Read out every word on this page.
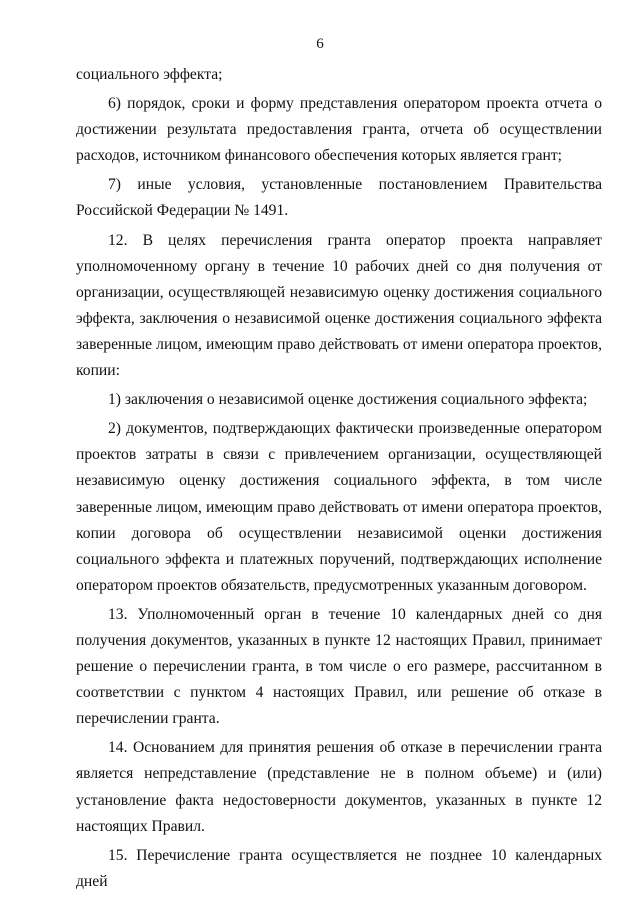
6

социального эффекта;

6) порядок, сроки и форму представления оператором проекта отчета о достижении результата предоставления гранта, отчета об осуществлении расходов, источником финансового обеспечения которых является грант;

7) иные условия, установленные постановлением Правительства Российской Федерации № 1491.

12. В целях перечисления гранта оператор проекта направляет уполномоченному органу в течение 10 рабочих дней со дня получения от организации, осуществляющей независимую оценку достижения социального эффекта, заключения о независимой оценке достижения социального эффекта заверенные лицом, имеющим право действовать от имени оператора проектов, копии:

1) заключения о независимой оценке достижения социального эффекта;

2) документов, подтверждающих фактически произведенные оператором проектов затраты в связи с привлечением организации, осуществляющей независимую оценку достижения социального эффекта, в том числе заверенные лицом, имеющим право действовать от имени оператора проектов, копии договора об осуществлении независимой оценки достижения социального эффекта и платежных поручений, подтверждающих исполнение оператором проектов обязательств, предусмотренных указанным договором.

13. Уполномоченный орган в течение 10 календарных дней со дня получения документов, указанных в пункте 12 настоящих Правил, принимает решение о перечислении гранта, в том числе о его размере, рассчитанном в соответствии с пунктом 4 настоящих Правил, или решение об отказе в перечислении гранта.

14. Основанием для принятия решения об отказе в перечислении гранта является непредставление (представление не в полном объеме) и (или) установление факта недостоверности документов, указанных в пункте 12 настоящих Правил.

15. Перечисление гранта осуществляется не позднее 10 календарных дней
